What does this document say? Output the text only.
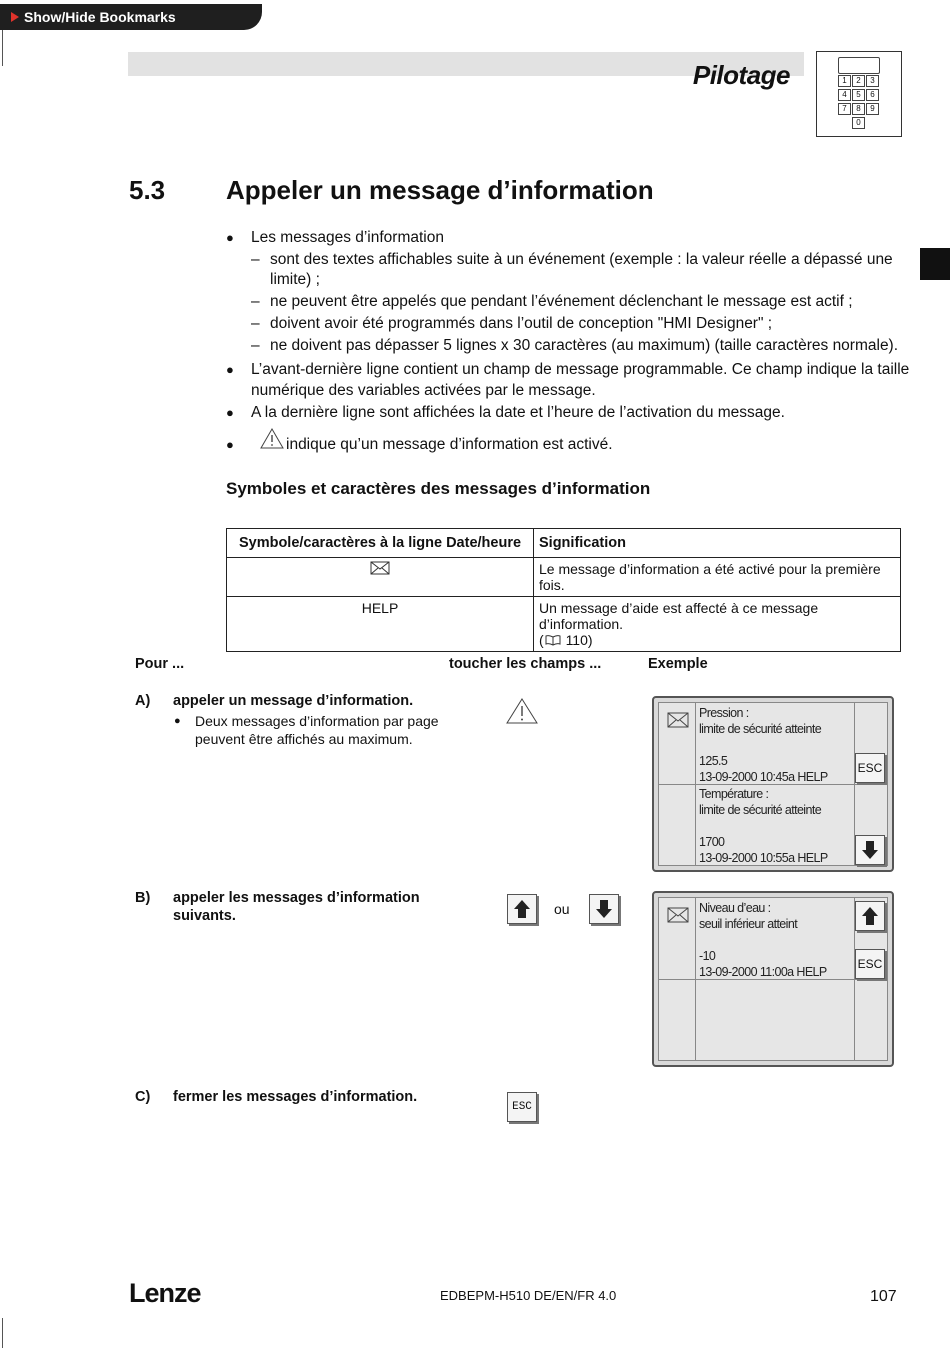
Show/Hide Bookmarks
Pilotage	1	2	3
4	5	6
7	8	9
0
5.3 Appeler un message d’information
● Les messages d’information
– sont des textes affichables suite à un événement (exemple : la valeur réelle a dépassé une
limite) ;
– ne peuvent être appelés que pendant l’événement déclenchant le message est actif ;
– doivent avoir été programmés dans l’outil de conception "HMI Designer" ;
– ne doivent pas dépasser 5 lignes x 30 caractères (au maximum) (taille caractères normale).
● L’avant-dernière ligne contient un champ de message programmable. Ce champ indique la taille
numérique des variables activées par le message.
● A la dernière ligne sont affichées la date et l’heure de l’activation du message.
●	indique qu’un message d’information est activé.
Symboles et caractères des messages d’information
Symbole/caractères à la ligne Date/heure	Signification
	Le message d’information a été activé pour la première fois.
HELP	Un message d’aide est affecté à ce message d’information.
( 110)
Pour ...	toucher les champs ...	Exemple
A) appeler un message d’information.
● Deux messages d’information par page
peuvent être affichés au maximum.
Pression :
limite de sécurité atteinte
125.5
13-09-2000 10:45a HELP
Température :
limite de sécurité atteinte
1700
13-09-2000 10:55a HELP
ESC
B) appeler les messages d’information
suivants.	ou	Niveau d’eau :
seuil inférieur atteint
-10
13-09-2000 11:00a HELP
ESC
C) fermer les messages d’information.
ESC
Lenze	EDBEPM-H510 DE/EN/FR 4.0	107
